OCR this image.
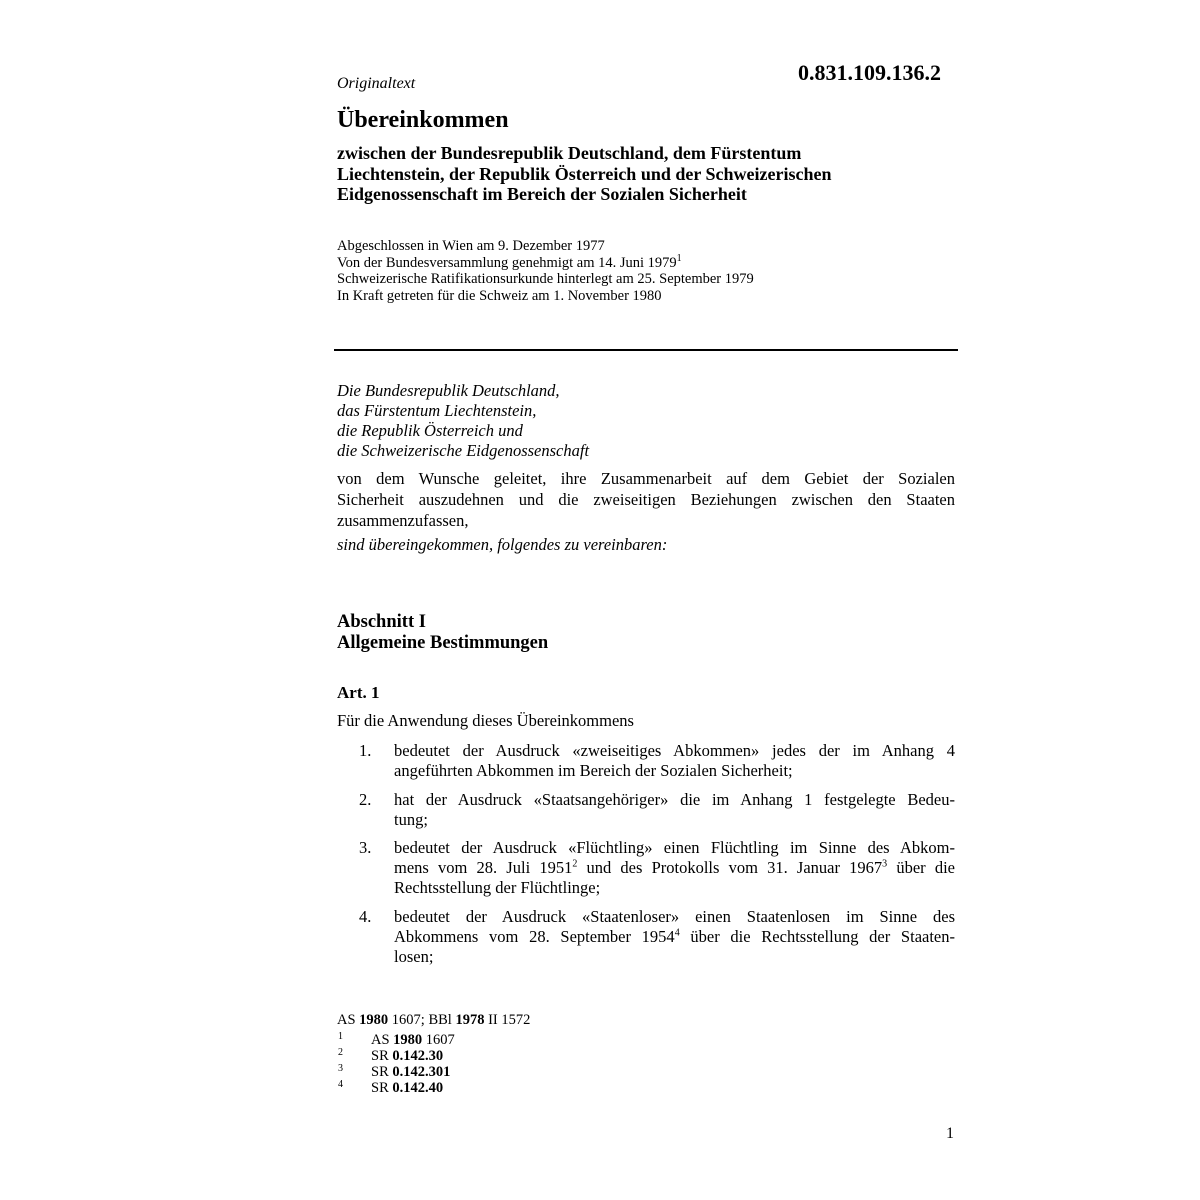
0.831.109.136.2
Originaltext
Übereinkommen
zwischen der Bundesrepublik Deutschland, dem Fürstentum
Liechtenstein, der Republik Österreich und der Schweizerischen
Eidgenossenschaft im Bereich der Sozialen Sicherheit
Abgeschlossen in Wien am 9. Dezember 1977
Von der Bundesversammlung genehmigt am 14. Juni 1979$^1$
Schweizerische Ratifikationsurkunde hinterlegt am 25. September 1979
In Kraft getreten für die Schweiz am 1. November 1980
Die Bundesrepublik Deutschland,
das Fürstentum Liechtenstein,
die Republik Österreich und
die Schweizerische Eidgenossenschaft
von dem Wunsche geleitet, ihre Zusammenarbeit auf dem Gebiet der Sozialen
Sicherheit auszudehnen und die zweiseitigen Beziehungen zwischen den Staaten
zusammenzufassen,
sind übereingekommen, folgendes zu vereinbaren:
Abschnitt I
Allgemeine Bestimmungen
Art. 1
Für die Anwendung dieses Übereinkommens
1. bedeutet der Ausdruck «zweiseitiges Abkommen» jedes der im Anhang 4
angeführten Abkommen im Bereich der Sozialen Sicherheit;
2. hat der Ausdruck «Staatsangehöriger» die im Anhang 1 festgelegte Bedeu-
tung;
3. bedeutet der Ausdruck «Flüchtling» einen Flüchtling im Sinne des Abkom-
mens vom 28. Juli 1951$^2$ und des Protokolls vom 31. Januar 1967$^3$ über die
Rechtsstellung der Flüchtlinge;
4. bedeutet der Ausdruck «Staatenloser» einen Staatenlosen im Sinne des
Abkommens vom 28. September 1954$^4$ über die Rechtsstellung der Staaten-
losen;
AS 1980 1607; BBl 1978 II 1572
1 AS 1980 1607
2 SR 0.142.30
3 SR 0.142.301
4 SR 0.142.40
1
